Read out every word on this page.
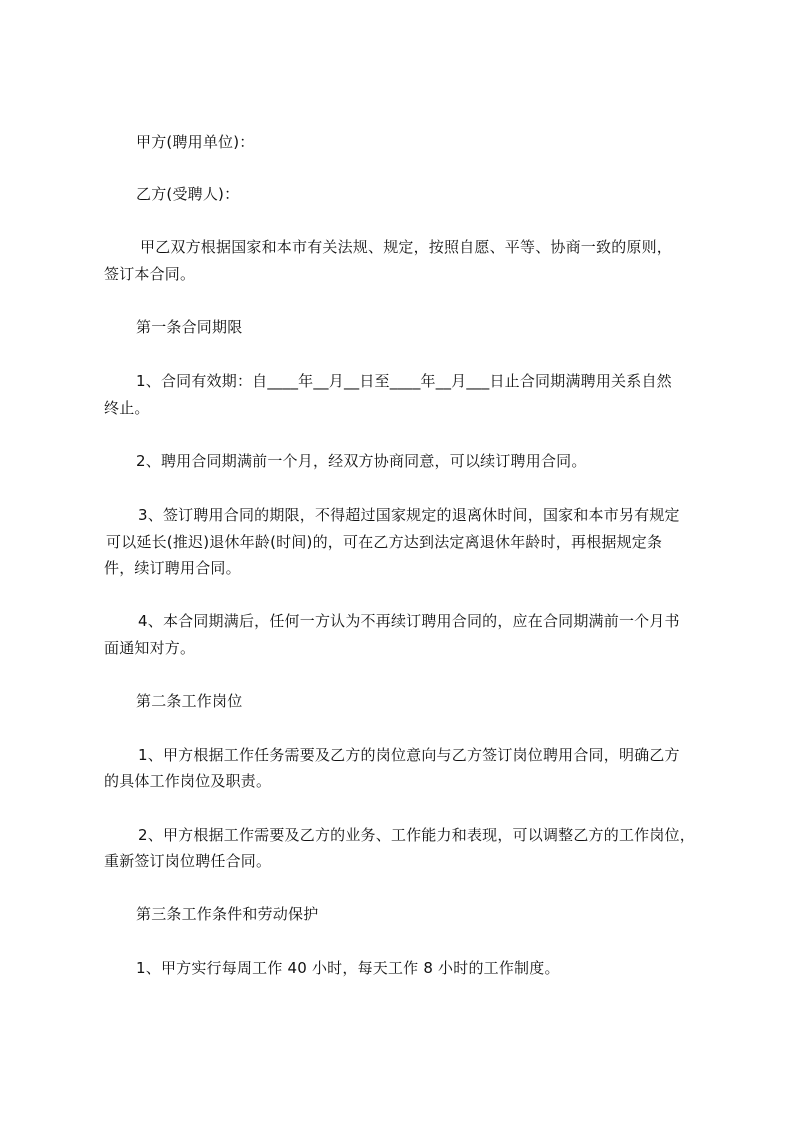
甲方(聘用单位)：
乙方(受聘人)：
甲乙双方根据国家和本市有关法规、规定，按照自愿、平等、协商一致的原则，
签订本合同。
第一条合同期限
1、合同有效期：自____年__月__日至____年__月___日止合同期满聘用关系自然
终止。
2、聘用合同期满前一个月，经双方协商同意，可以续订聘用合同。
3、签订聘用合同的期限，不得超过国家规定的退离休时间，国家和本市另有规定
可以延长(推迟)退休年龄(时间)的，可在乙方达到法定离退休年龄时，再根据规定条
件，续订聘用合同。
4、本合同期满后，任何一方认为不再续订聘用合同的，应在合同期满前一个月书
面通知对方。
第二条工作岗位
1、甲方根据工作任务需要及乙方的岗位意向与乙方签订岗位聘用合同，明确乙方
的具体工作岗位及职责。
2、甲方根据工作需要及乙方的业务、工作能力和表现，可以调整乙方的工作岗位，
重新签订岗位聘任合同。
第三条工作条件和劳动保护
1、甲方实行每周工作 40 小时，每天工作 8 小时的工作制度。
